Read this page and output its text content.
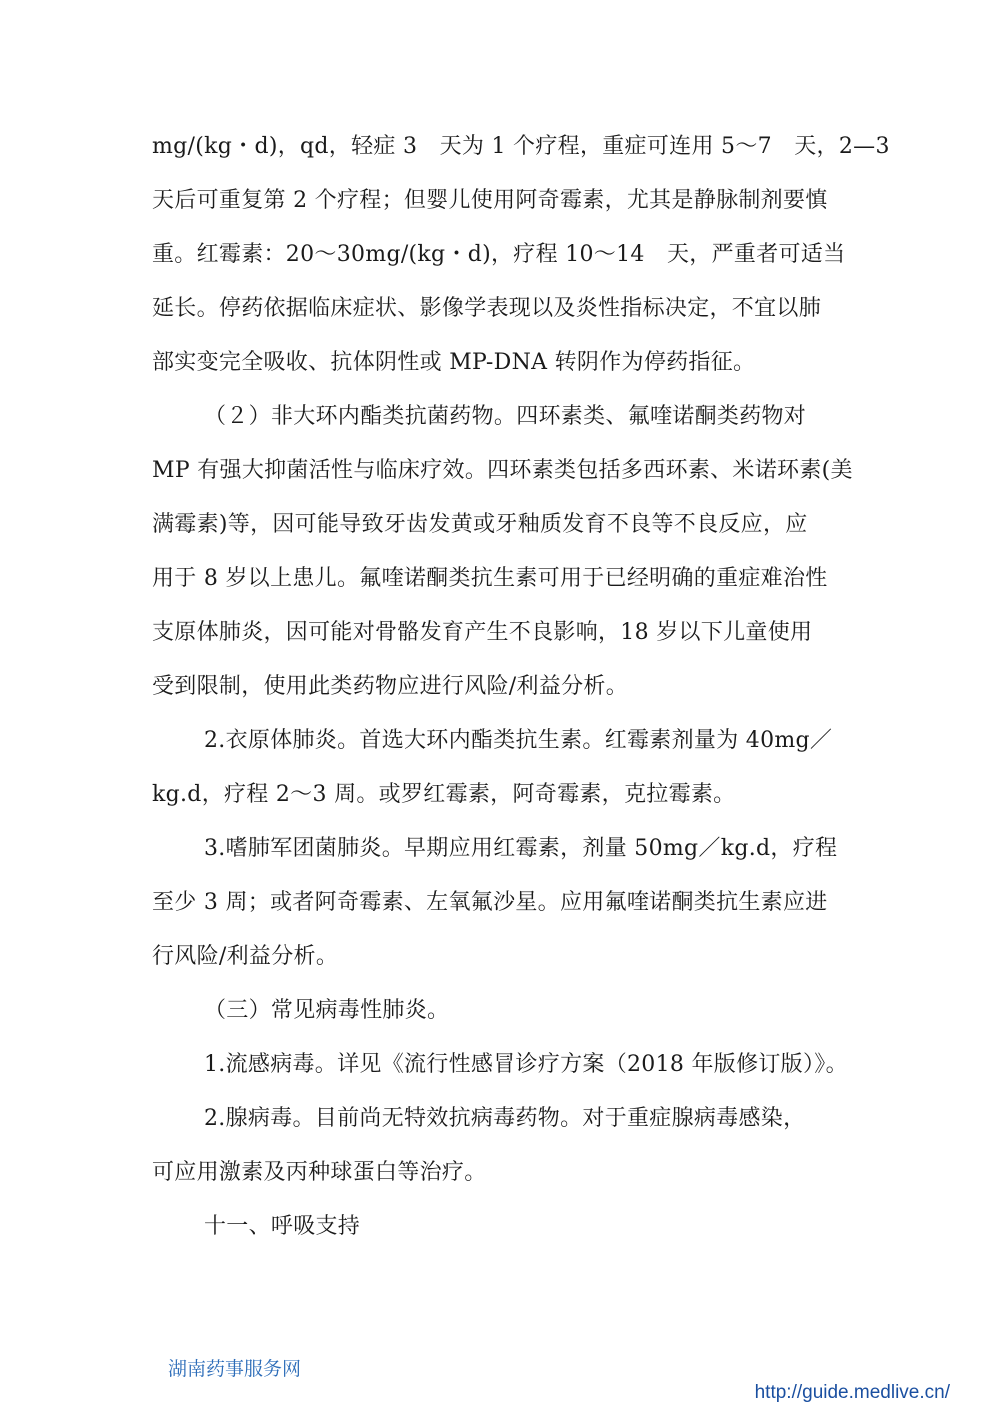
mg/(kg・d)，qd，轻症 3　天为 1 个疗程，重症可连用 5～7　天，2—3
天后可重复第 2 个疗程；但婴儿使用阿奇霉素，尤其是静脉制剂要慎
重。红霉素：20～30mg/(kg・d)，疗程 10～14　天，严重者可适当
延长。停药依据临床症状、影像学表现以及炎性指标决定，不宜以肺
部实变完全吸收、抗体阴性或 MP-DNA 转阴作为停药指征。
（２）非大环内酯类抗菌药物。四环素类、氟喹诺酮类药物对
MP 有强大抑菌活性与临床疗效。四环素类包括多西环素、米诺环素(美
满霉素)等，因可能导致牙齿发黄或牙釉质发育不良等不良反应，应
用于 8 岁以上患儿。氟喹诺酮类抗生素可用于已经明确的重症难治性
支原体肺炎，因可能对骨骼发育产生不良影响，18 岁以下儿童使用
受到限制，使用此类药物应进行风险/利益分析。
2.衣原体肺炎。首选大环内酯类抗生素。红霉素剂量为 40mg／
kg.d，疗程 2～3 周。或罗红霉素，阿奇霉素，克拉霉素。
3.嗜肺军团菌肺炎。早期应用红霉素，剂量 50mg／kg.d，疗程
至少 3 周；或者阿奇霉素、左氧氟沙星。应用氟喹诺酮类抗生素应进
行风险/利益分析。
（三）常见病毒性肺炎。
1.流感病毒。详见《流行性感冒诊疗方案（2018 年版修订版）》。
2.腺病毒。目前尚无特效抗病毒药物。对于重症腺病毒感染，
可应用激素及丙种球蛋白等治疗。
十一、呼吸支持
湖南药事服务网
http://guide.medlive.cn/
